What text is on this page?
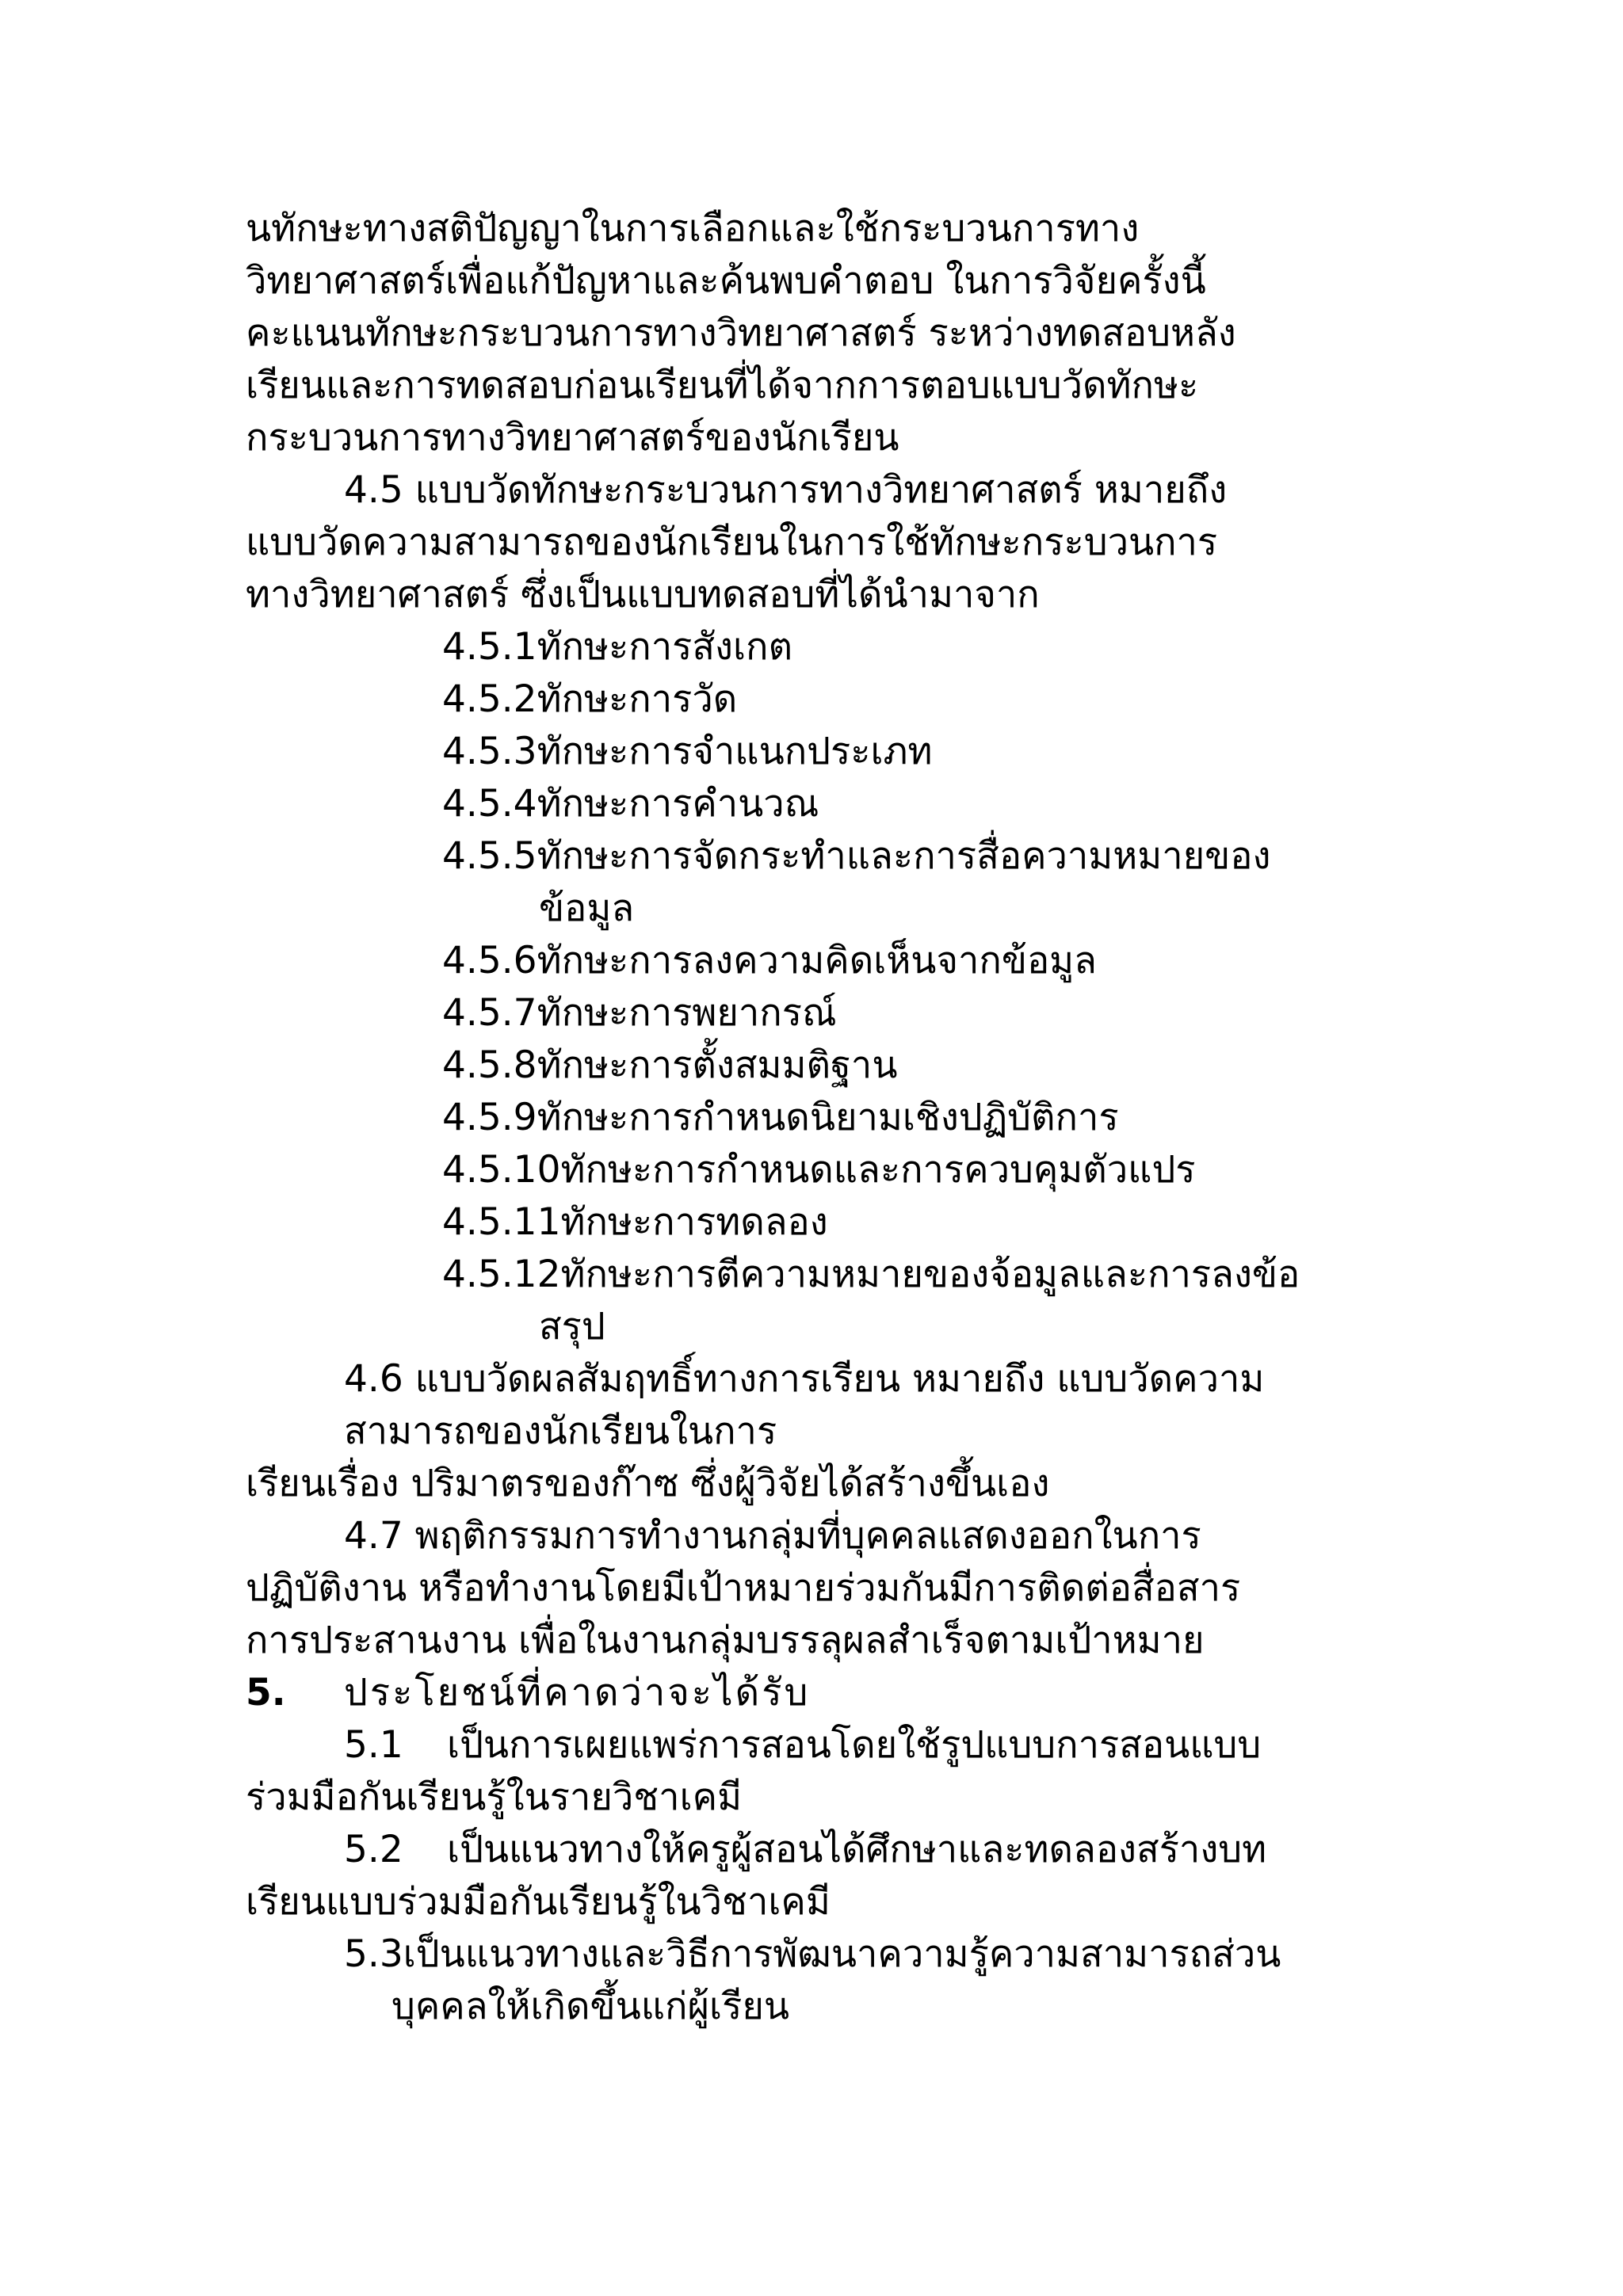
นทักษะทางสติปัญญาในการเลือกและใช้กระบวนการทาง
วิทยาศาสตร์เพื่อแก้ปัญหาและค้นพบคำตอบ ในการวิจัยครั้งนี้
คะแนนทักษะกระบวนการทางวิทยาศาสตร์ ระหว่างทดสอบหลัง
เรียนและการทดสอบก่อนเรียนที่ได้จากการตอบแบบวัดทักษะ
กระบวนการทางวิทยาศาสตร์ของนักเรียน
4.5 แบบวัดทักษะกระบวนการทางวิทยาศาสตร์ หมายถึง
แบบวัดความสามารถของนักเรียนในการใช้ทักษะกระบวนการ
ทางวิทยาศาสตร์ ซึ่งเป็นแบบทดสอบที่ได้นำมาจาก
4.5.1ทักษะการสังเกต
4.5.2ทักษะการวัด
4.5.3ทักษะการจำแนกประเภท
4.5.4ทักษะการคำนวณ
4.5.5ทักษะการจัดกระทำและการสื่อความหมายของ
ข้อมูล
4.5.6ทักษะการลงความคิดเห็นจากข้อมูล
4.5.7ทักษะการพยากรณ์
4.5.8ทักษะการตั้งสมมติฐาน
4.5.9ทักษะการกำหนดนิยามเชิงปฏิบัติการ
4.5.10ทักษะการกำหนดและการควบคุมตัวแปร
4.5.11ทักษะการทดลอง
4.5.12ทักษะการตีความหมายของจ้อมูลและการลงข้อ
สรุป
4.6 แบบวัดผลสัมฤทธิ์ทางการเรียน หมายถึง แบบวัดความ
สามารถของนักเรียนในการ
เรียนเรื่อง ปริมาตรของก๊าซ ซึ่งผู้วิจัยได้สร้างขึ้นเอง
4.7 พฤติกรรมการทำงานกลุ่มที่บุคคลแสดงออกในการ
ปฏิบัติงาน หรือทำงานโดยมีเป้าหมายร่วมกันมีการติดต่อสื่อสาร
การประสานงาน เพื่อในงานกลุ่มบรรลุผลสำเร็จตามเป้าหมาย
5. ประโยชน์ที่คาดว่าจะได้รับ
5.1 เป็นการเผยแพร่การสอนโดยใช้รูปแบบการสอนแบบ
ร่วมมือกันเรียนรู้ในรายวิชาเคมี
5.2 เป็นแนวทางให้ครูผู้สอนได้ศึกษาและทดลองสร้างบท
เรียนแบบร่วมมือกันเรียนรู้ในวิชาเคมี
5.3เป็นแนวทางและวิธีการพัฒนาความรู้ความสามารถส่วน
บุคคลให้เกิดขึ้นแก่ผู้เรียน
